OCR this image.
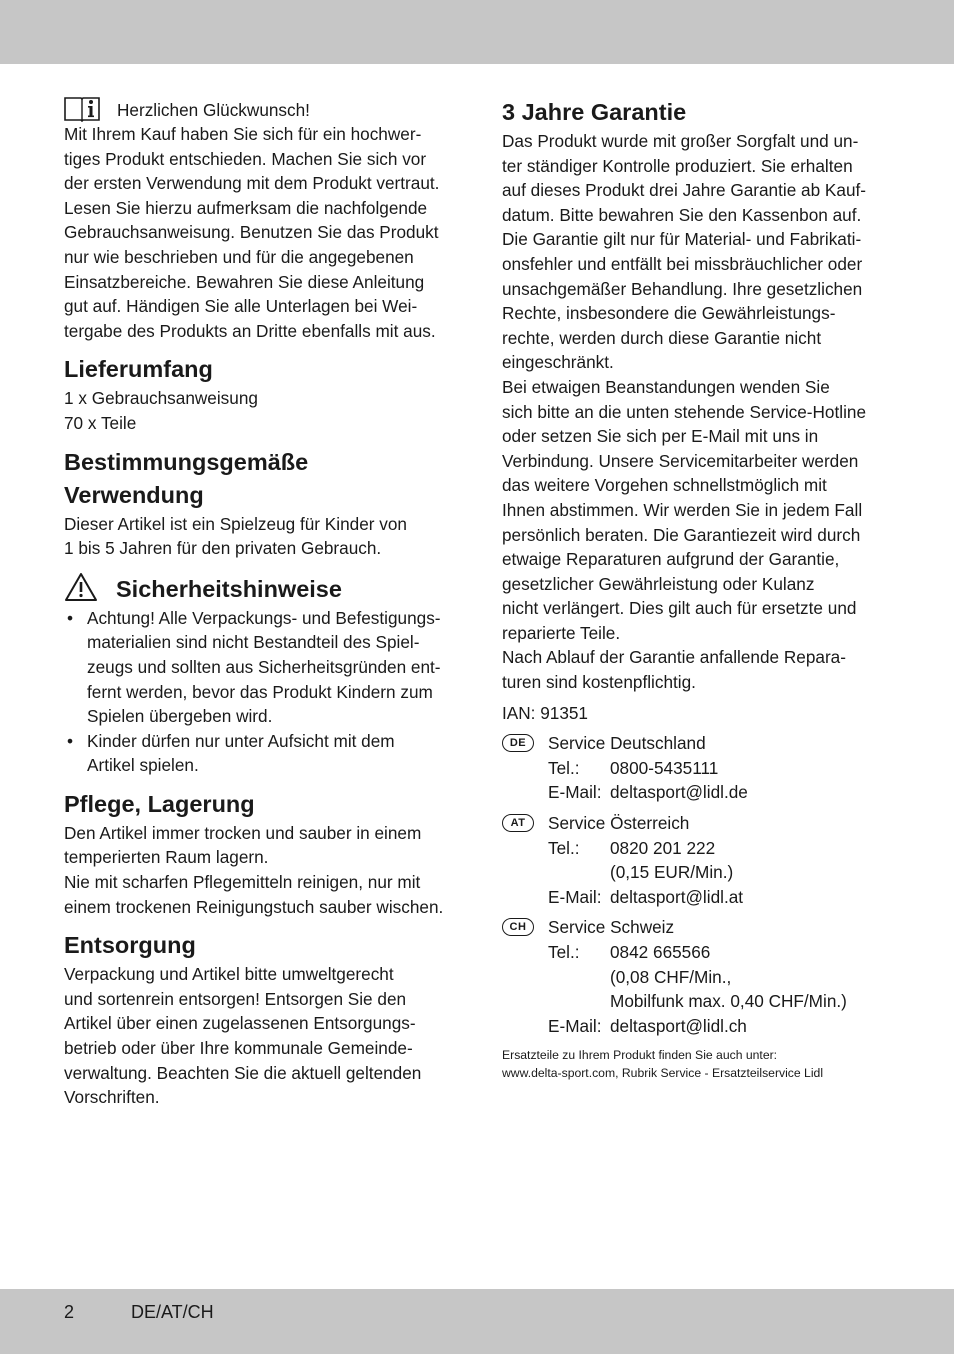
Herzlichen Glückwunsch!
Mit Ihrem Kauf haben Sie sich für ein hochwer-
tiges Produkt entschieden. Machen Sie sich vor
der ersten Verwendung mit dem Produkt vertraut.
Lesen Sie hierzu aufmerksam die nachfolgende
Gebrauchsanweisung. Benutzen Sie das Produkt
nur wie beschrieben und für die angegebenen
Einsatzbereiche. Bewahren Sie diese Anleitung
gut auf. Händigen Sie alle Unterlagen bei Wei-
tergabe des Produkts an Dritte ebenfalls mit aus.
Lieferumfang
1 x Gebrauchsanweisung
70 x Teile
Bestimmungsgemäße
Verwendung
Dieser Artikel ist ein Spielzeug für Kinder von
1 bis 5 Jahren für den privaten Gebrauch.
Sicherheitshinweise
• Achtung! Alle Verpackungs- und Befestigungs-
materialien sind nicht Bestandteil des Spiel-
zeugs und sollten aus Sicherheitsgründen ent-
fernt werden, bevor das Produkt Kindern zum
Spielen übergeben wird.
• Kinder dürfen nur unter Aufsicht mit dem
Artikel spielen.
Pflege, Lagerung
Den Artikel immer trocken und sauber in einem
temperierten Raum lagern.
Nie mit scharfen Pflegemitteln reinigen, nur mit
einem trockenen Reinigungstuch sauber wischen.
Entsorgung
Verpackung und Artikel bitte umweltgerecht
und sortenrein entsorgen! Entsorgen Sie den
Artikel über einen zugelassenen Entsorgungs-
betrieb oder über Ihre kommunale Gemeinde-
verwaltung. Beachten Sie die aktuell geltenden
Vorschriften.
3 Jahre Garantie
Das Produkt wurde mit großer Sorgfalt und un-
ter ständiger Kontrolle produziert. Sie erhalten
auf dieses Produkt drei Jahre Garantie ab Kauf-
datum. Bitte bewahren Sie den Kassenbon auf.
Die Garantie gilt nur für Material- und Fabrikati-
onsfehler und entfällt bei missbräuchlicher oder
unsachgemäßer Behandlung. Ihre gesetzlichen
Rechte, insbesondere die Gewährleistungs-
rechte, werden durch diese Garantie nicht
eingeschränkt.
Bei etwaigen Beanstandungen wenden Sie
sich bitte an die unten stehende Service-Hotline
oder setzen Sie sich per E-Mail mit uns in
Verbindung. Unsere Servicemitarbeiter werden
das weitere Vorgehen schnellstmöglich mit
Ihnen abstimmen. Wir werden Sie in jedem Fall
persönlich beraten. Die Garantiezeit wird durch
etwaige Reparaturen aufgrund der Garantie,
gesetzlicher Gewährleistung oder Kulanz
nicht verlängert. Dies gilt auch für ersetzte und
reparierte Teile.
Nach Ablauf der Garantie anfallende Repara-
turen sind kostenpflichtig.

IAN: 91351

DE	Service Deutschland
Tel.:	0800-5435111
E-Mail: deltasport@lidl.de
AT	Service Österreich
Tel.:	0820 201 222
(0,15 EUR/Min.)
E-Mail: deltasport@lidl.at
CH	Service Schweiz
Tel.:	0842 665566
(0,08 CHF/Min.,
Mobilfunk max. 0,40 CHF/Min.)
E-Mail: deltasport@lidl.ch
Ersatzteile zu Ihrem Produkt finden Sie auch unter:
www.delta-sport.com, Rubrik Service - Ersatzteilservice Lidl
2	DE/AT/CH
